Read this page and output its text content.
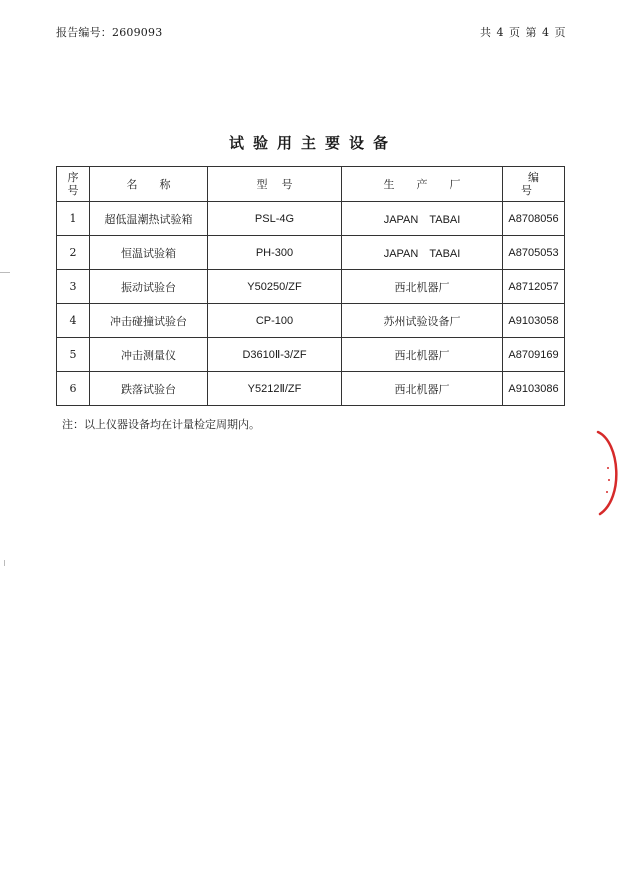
报告编号：2609093	共 4 页 第 4 页
试验用主要设备
序号	名称	型号	生产厂	编号
1	超低温潮热试验箱	PSL-4G	JAPAN　TABAI	A8708056
2	恒温试验箱	PH-300	JAPAN　TABAI	A8705053
3	振动试验台	Y50250/ZF	西北机器厂	A8712057
4	冲击碰撞试验台	CP-100	苏州试验设备厂	A9103058
5	冲击测量仪	D3610Ⅱ-3/ZF	西北机器厂	A8709169
6	跌落试验台	Y5212Ⅱ/ZF	西北机器厂	A9103086
注：以上仪器设备均在计量检定周期内。
